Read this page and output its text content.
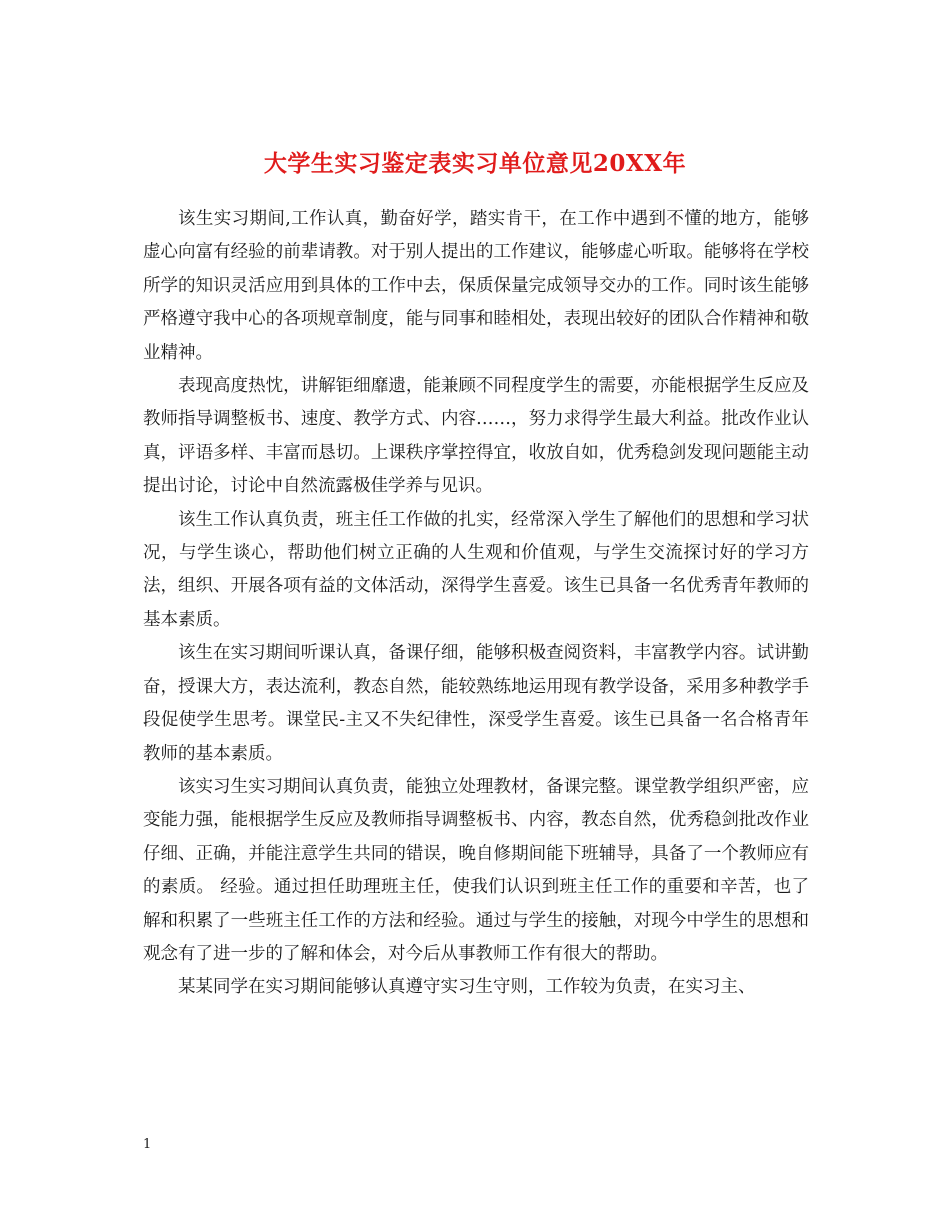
大学生实习鉴定表实习单位意见20XX年

该生实习期间,工作认真，勤奋好学，踏实肯干，在工作中遇到不懂的地方，能够虚心向富有经验的前辈请教。对于别人提出的工作建议，能够虚心听取。能够将在学校所学的知识灵活应用到具体的工作中去，保质保量完成领导交办的工作。同时该生能够严格遵守我中心的各项规章制度，能与同事和睦相处，表现出较好的团队合作精神和敬业精神。

表现高度热忱，讲解钜细靡遗，能兼顾不同程度学生的需要，亦能根据学生反应及教师指导调整板书、速度、教学方式、内容……，努力求得学生最大利益。批改作业认真，评语多样、丰富而恳切。上课秩序掌控得宜，收放自如，优秀稳剑发现问题能主动提出讨论，讨论中自然流露极佳学养与见识。

该生工作认真负责，班主任工作做的扎实，经常深入学生了解他们的思想和学习状况，与学生谈心，帮助他们树立正确的人生观和价值观，与学生交流探讨好的学习方法，组织、开展各项有益的文体活动，深得学生喜爱。该生已具备一名优秀青年教师的基本素质。

该生在实习期间听课认真，备课仔细，能够积极查阅资料，丰富教学内容。试讲勤奋，授课大方，表达流利，教态自然，能较熟练地运用现有教学设备，采用多种教学手段促使学生思考。课堂民-主又不失纪律性，深受学生喜爱。该生已具备一名合格青年教师的基本素质。

该实习生实习期间认真负责，能独立处理教材，备课完整。课堂教学组织严密，应变能力强，能根据学生反应及教师指导调整板书、内容，教态自然，优秀稳剑批改作业仔细、正确，并能注意学生共同的错误，晚自修期间能下班辅导，具备了一个教师应有的素质。 经验。通过担任助理班主任，使我们认识到班主任工作的重要和辛苦，也了解和积累了一些班主任工作的方法和经验。通过与学生的接触，对现今中学生的思想和观念有了进一步的了解和体会，对今后从事教师工作有很大的帮助。

某某同学在实习期间能够认真遵守实习生守则，工作较为负责，在实习主、

1
